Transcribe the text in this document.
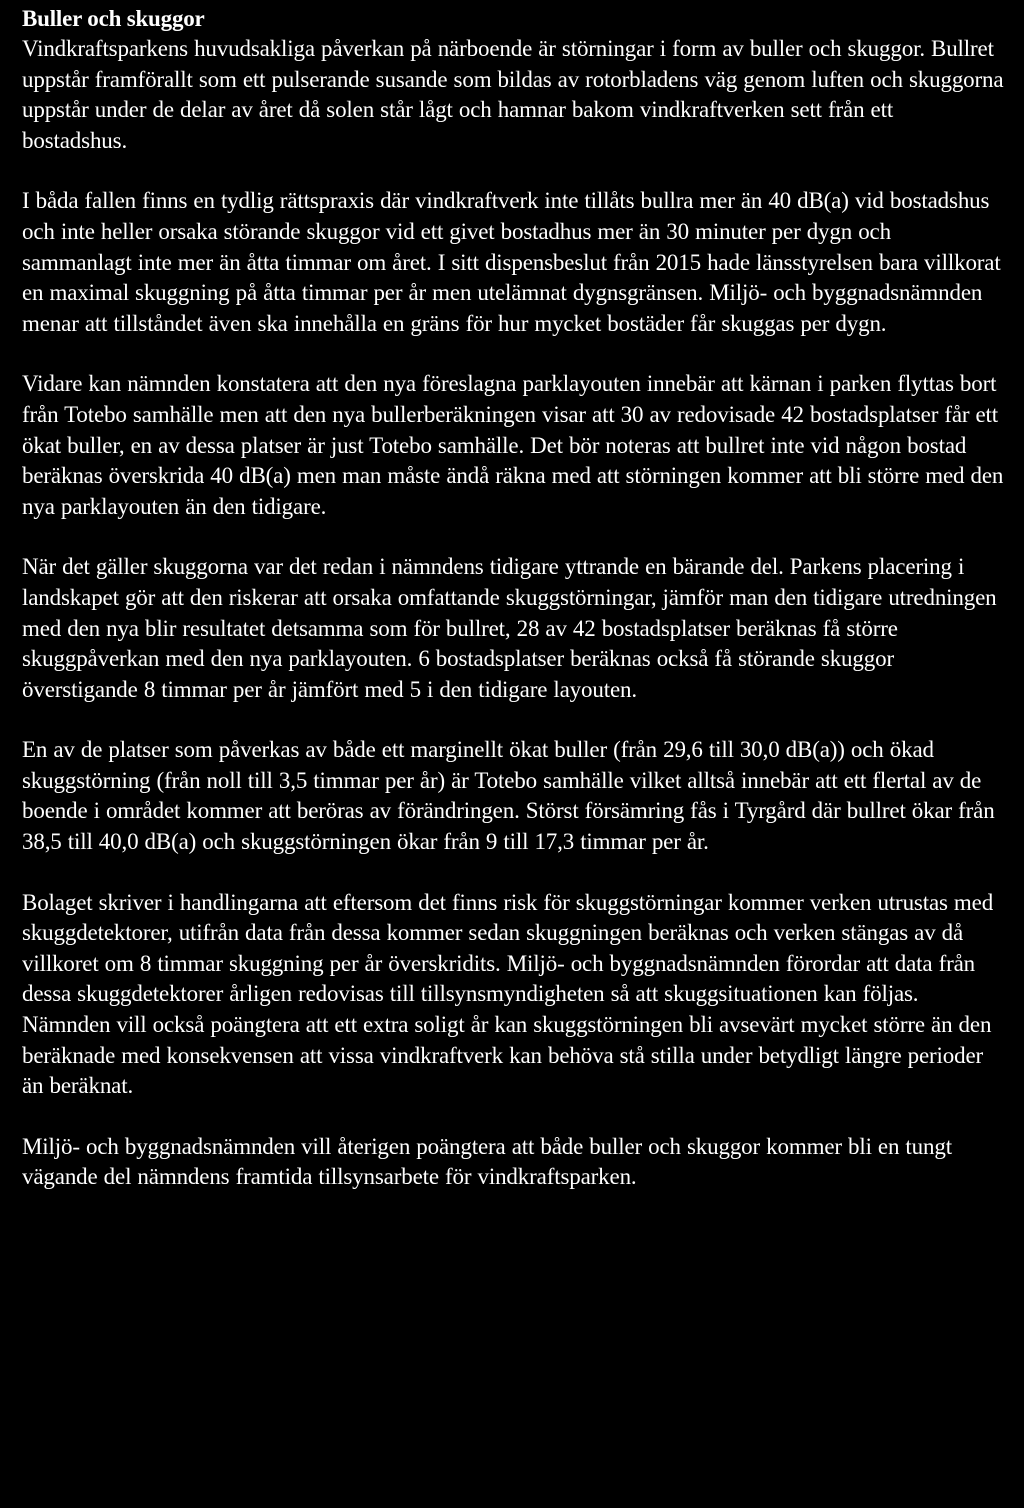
Buller och skuggor

Vindkraftsparkens huvudsakliga påverkan på närboende är störningar i form av buller och skuggor. Bullret uppstår framförallt som ett pulserande susande som bildas av rotorbladens väg genom luften och skuggorna uppstår under de delar av året då solen står lågt och hamnar bakom vindkraftverken sett från ett bostadshus.

I båda fallen finns en tydlig rättspraxis där vindkraftverk inte tillåts bullra mer än 40 dB(a) vid bostadshus och inte heller orsaka störande skuggor vid ett givet bostadhus mer än 30 minuter per dygn och sammanlagt inte mer än åtta timmar om året. I sitt dispensbeslut från 2015 hade länsstyrelsen bara villkorat en maximal skuggning på åtta timmar per år men utelämnat dygnsgränsen. Miljö- och byggnadsnämnden menar att tillståndet även ska innehålla en gräns för hur mycket bostäder får skuggas per dygn.

Vidare kan nämnden konstatera att den nya föreslagna parklayouten innebär att kärnan i parken flyttas bort från Totebo samhälle men att den nya bullerberäkningen visar att 30 av redovisade 42 bostadsplatser får ett ökat buller, en av dessa platser är just Totebo samhälle. Det bör noteras att bullret inte vid någon bostad beräknas överskrida 40 dB(a) men man måste ändå räkna med att störningen kommer att bli större med den nya parklayouten än den tidigare.

När det gäller skuggorna var det redan i nämndens tidigare yttrande en bärande del. Parkens placering i landskapet gör att den riskerar att orsaka omfattande skuggstörningar, jämför man den tidigare utredningen med den nya blir resultatet detsamma som för bullret, 28 av 42 bostadsplatser beräknas få större skuggpåverkan med den nya parklayouten. 6 bostadsplatser beräknas också få störande skuggor överstigande 8 timmar per år jämfört med 5 i den tidigare layouten.

En av de platser som påverkas av både ett marginellt ökat buller (från 29,6 till 30,0 dB(a)) och ökad skuggstörning (från noll till 3,5 timmar per år) är Totebo samhälle vilket alltså innebär att ett flertal av de boende i området kommer att beröras av förändringen. Störst försämring fås i Tyrgård där bullret ökar från 38,5 till 40,0 dB(a) och skuggstörningen ökar från 9 till 17,3 timmar per år.

Bolaget skriver i handlingarna att eftersom det finns risk för skuggstörningar kommer verken utrustas med skuggdetektorer, utifrån data från dessa kommer sedan skuggningen beräknas och verken stängas av då villkoret om 8 timmar skuggning per år överskridits. Miljö- och byggnadsnämnden förordar att data från dessa skuggdetektorer årligen redovisas till tillsynsmyndigheten så att skuggsituationen kan följas. Nämnden vill också poängtera att ett extra soligt år kan skuggstörningen bli avsevärt mycket större än den beräknade med konsekvensen att vissa vindkraftverk kan behöva stå stilla under betydligt längre perioder än beräknat.

Miljö- och byggnadsnämnden vill återigen poängtera att både buller och skuggor kommer bli en tungt vägande del nämndens framtida tillsynsarbete för vindkraftsparken.
